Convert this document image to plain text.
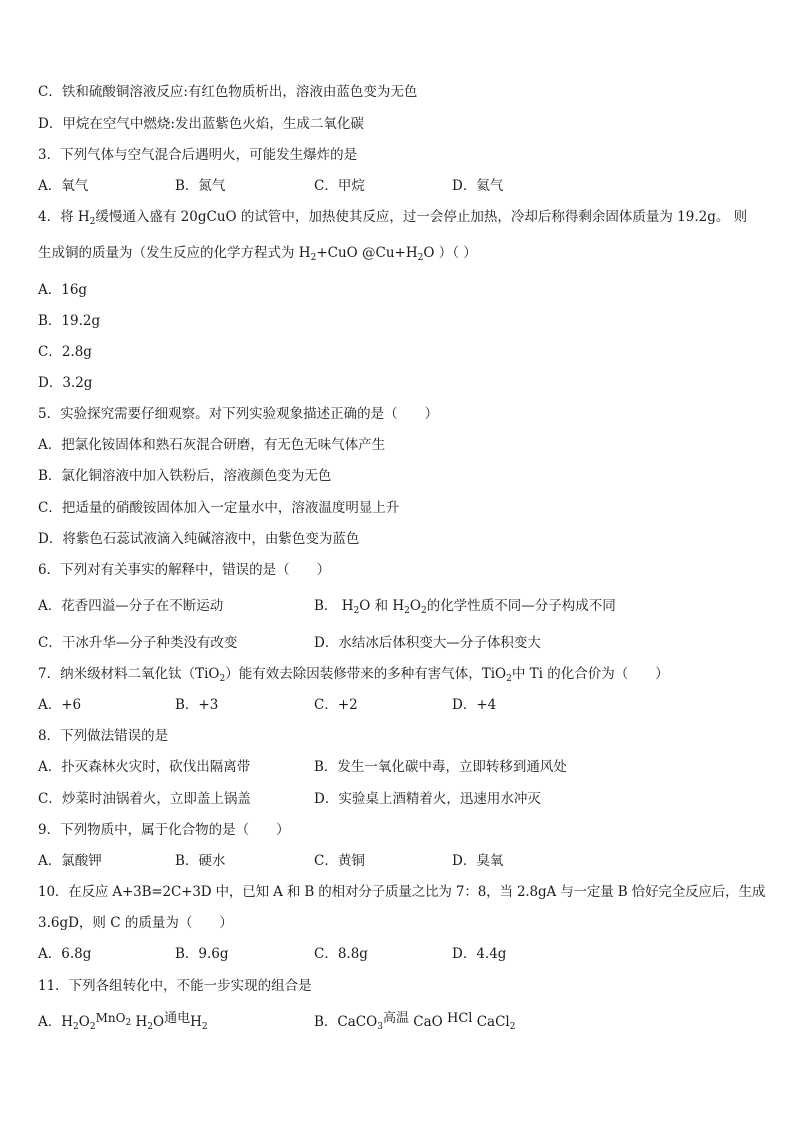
C．铁和硫酸铜溶液反应:有红色物质析出，溶液由蓝色变为无色
D．甲烷在空气中燃烧:发出蓝紫色火焰，生成二氧化碳
3．下列气体与空气混合后遇明火，可能发生爆炸的是
A．氧气	B．氮气	C．甲烷	D．氦气
4．将 $H_2$缓慢通入盛有 20gCuO 的试管中，加热使其反应，过一会停止加热，冷却后称得剩余固体质量为 19.2g。 则
生成铜的质量为（发生反应的化学方程式为 $H_2+CuO$ $@Cu+H_2O$ ）（ ）
A．16g
B．19.2g
C．2.8g
D．3.2g
5．实验探究需要仔细观察。对下列实验观象描述正确的是（　　）
A．把氯化铵固体和熟石灰混合研磨，有无色无味气体产生
B．氯化铜溶液中加入铁粉后，溶液颜色变为无色
C．把适量的硝酸铵固体加入一定量水中，溶液温度明显上升
D．将紫色石蕊试液滴入纯碱溶液中，由紫色变为蓝色
6．下列对有关事实的解释中，错误的是（　　）
A．花香四溢—分子在不断运动	B． $H_2O$ 和 $H_2O_2$的化学性质不同—分子构成不同
C．干冰升华—分子种类没有改变	D．水结冰后体积变大—分子体积变大
7．纳米级材料二氧化钛（TiO$_2$）能有效去除因装修带来的多种有害气体，TiO$_2$中 Ti 的化合价为（　　）
A．+6	B．+3	C．+2	D．+4
8．下列做法错误的是
A．扑灭森林火灾时，砍伐出隔离带	B．发生一氧化碳中毒，立即转移到通风处
C．炒菜时油锅着火，立即盖上锅盖	D．实验桌上酒精着火，迅速用水冲灭
9．下列物质中，属于化合物的是（　　）
A．氯酸钾	B．硬水	C．黄铜	D．臭氧
10．在反应 A+3B=2C+3D 中，已知 A 和 B 的相对分子质量之比为 7：8，当 2.8gA 与一定量 B 恰好完全反应后，生成
3.6gD，则 C 的质量为（　　）
A．6.8g	B．9.6g	C．8.8g	D．4.4g
11．下列各组转化中，不能一步实现的组合是
A．$H_2O_2MnO_2$ $H_2O$通电$H_2$	B．CaCO$_3$高温 CaO HCl CaCl$_2$
